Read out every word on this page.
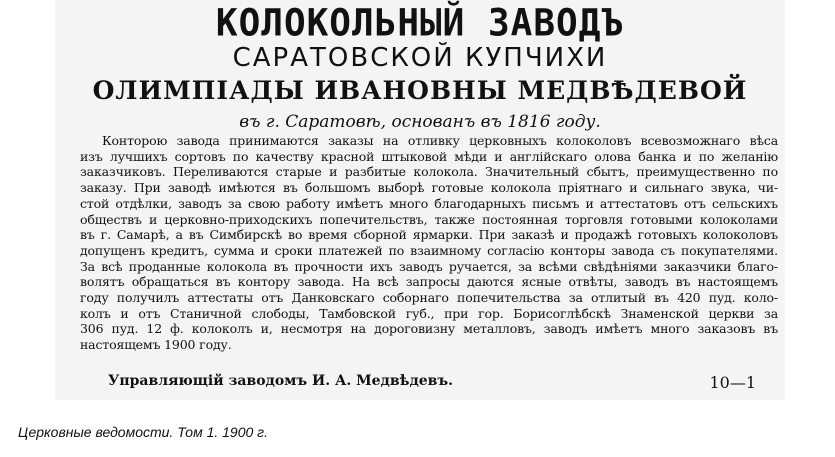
КОЛОКОЛЬНЫЙ ЗАВОДЪ
САРАТОВСКОЙ КУПЧИХИ
ОЛИМПІАДЫ ИВАНОВНЫ МЕДВѢДЕВОЙ
въ г. Саратовѣ, основанъ въ 1816 году.
Конторою завода принимаются заказы на отливку церковныхъ колоколовъ всевозможнаго вѣса
изъ лучшихъ сортовъ по качеству красной штыковой мѣди и англійскаго олова банка и по желанію
заказчиковъ. Переливаются старые и разбитые колокола. Значительный сбытъ, преимущественно по
заказу. При заводѣ имѣются въ большомъ выборѣ готовые колокола пріятнаго и сильнаго звука, чи-
стой отдѣлки, заводъ за свою работу имѣетъ много благодарныхъ письмъ и аттестатовъ отъ сельскихъ
обществъ и церковно-приходскихъ попечительствъ, также постоянная торговля готовыми колоколами
въ г. Самарѣ, а въ Симбирскѣ во время сборной ярмарки. При заказѣ и продажѣ готовыхъ колоколовъ
допущенъ кредитъ, сумма и сроки платежей по взаимному согласію конторы завода съ покупателями.
За всѣ проданные колокола въ прочности ихъ заводъ ручается, за всѣми свѣдѣніями заказчики благо-
волятъ обращаться въ контору завода. На всѣ запросы даются ясные отвѣты, заводъ въ настоящемъ
году получилъ аттестаты отъ Данковскаго соборнаго попечительства за отлитый въ 420 пуд. коло-
колъ и отъ Станичной слободы, Тамбовской губ., при гор. Борисоглѣбскѣ Знаменской церкви за
306 пуд. 12 ф. колоколъ и, несмотря на дороговизну металловъ, заводъ имѣетъ много заказовъ въ
настоящемъ 1900 году.
Управляющій заводомъ И. А. Медвѣдевъ.	10—1
Церковные ведомости. Том 1. 1900 г.
